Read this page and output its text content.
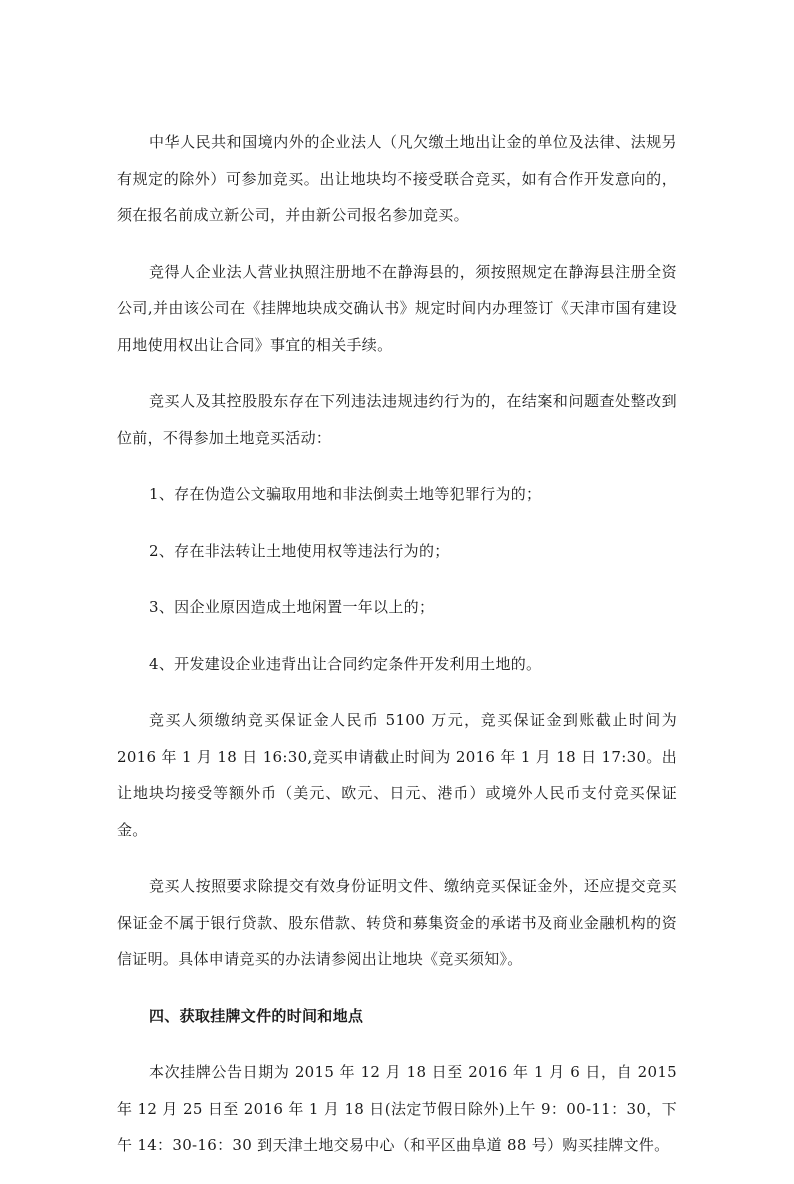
中华人民共和国境内外的企业法人（凡欠缴土地出让金的单位及法律、法规另有规定的除外）可参加竞买。出让地块均不接受联合竞买，如有合作开发意向的，须在报名前成立新公司，并由新公司报名参加竞买。

竞得人企业法人营业执照注册地不在静海县的，须按照规定在静海县注册全资公司,并由该公司在《挂牌地块成交确认书》规定时间内办理签订《天津市国有建设用地使用权出让合同》事宜的相关手续。

竞买人及其控股股东存在下列违法违规违约行为的，在结案和问题查处整改到位前，不得参加土地竞买活动：

1、存在伪造公文骗取用地和非法倒卖土地等犯罪行为的；

2、存在非法转让土地使用权等违法行为的；

3、因企业原因造成土地闲置一年以上的；

4、开发建设企业违背出让合同约定条件开发利用土地的。

竞买人须缴纳竞买保证金人民币 5100 万元，竞买保证金到账截止时间为2016 年 1 月 18 日 16:30,竞买申请截止时间为 2016 年 1 月 18 日 17:30。出让地块均接受等额外币（美元、欧元、日元、港币）或境外人民币支付竞买保证金。

竞买人按照要求除提交有效身份证明文件、缴纳竞买保证金外，还应提交竞买保证金不属于银行贷款、股东借款、转贷和募集资金的承诺书及商业金融机构的资信证明。具体申请竞买的办法请参阅出让地块《竞买须知》。

四、获取挂牌文件的时间和地点

本次挂牌公告日期为 2015 年 12 月 18 日至 2016 年 1 月 6 日，自 2015 年 12 月 25 日至 2016 年 1 月 18 日(法定节假日除外)上午 9：00-11：30，下午 14：30-16：30 到天津土地交易中心（和平区曲阜道 88 号）购买挂牌文件。
